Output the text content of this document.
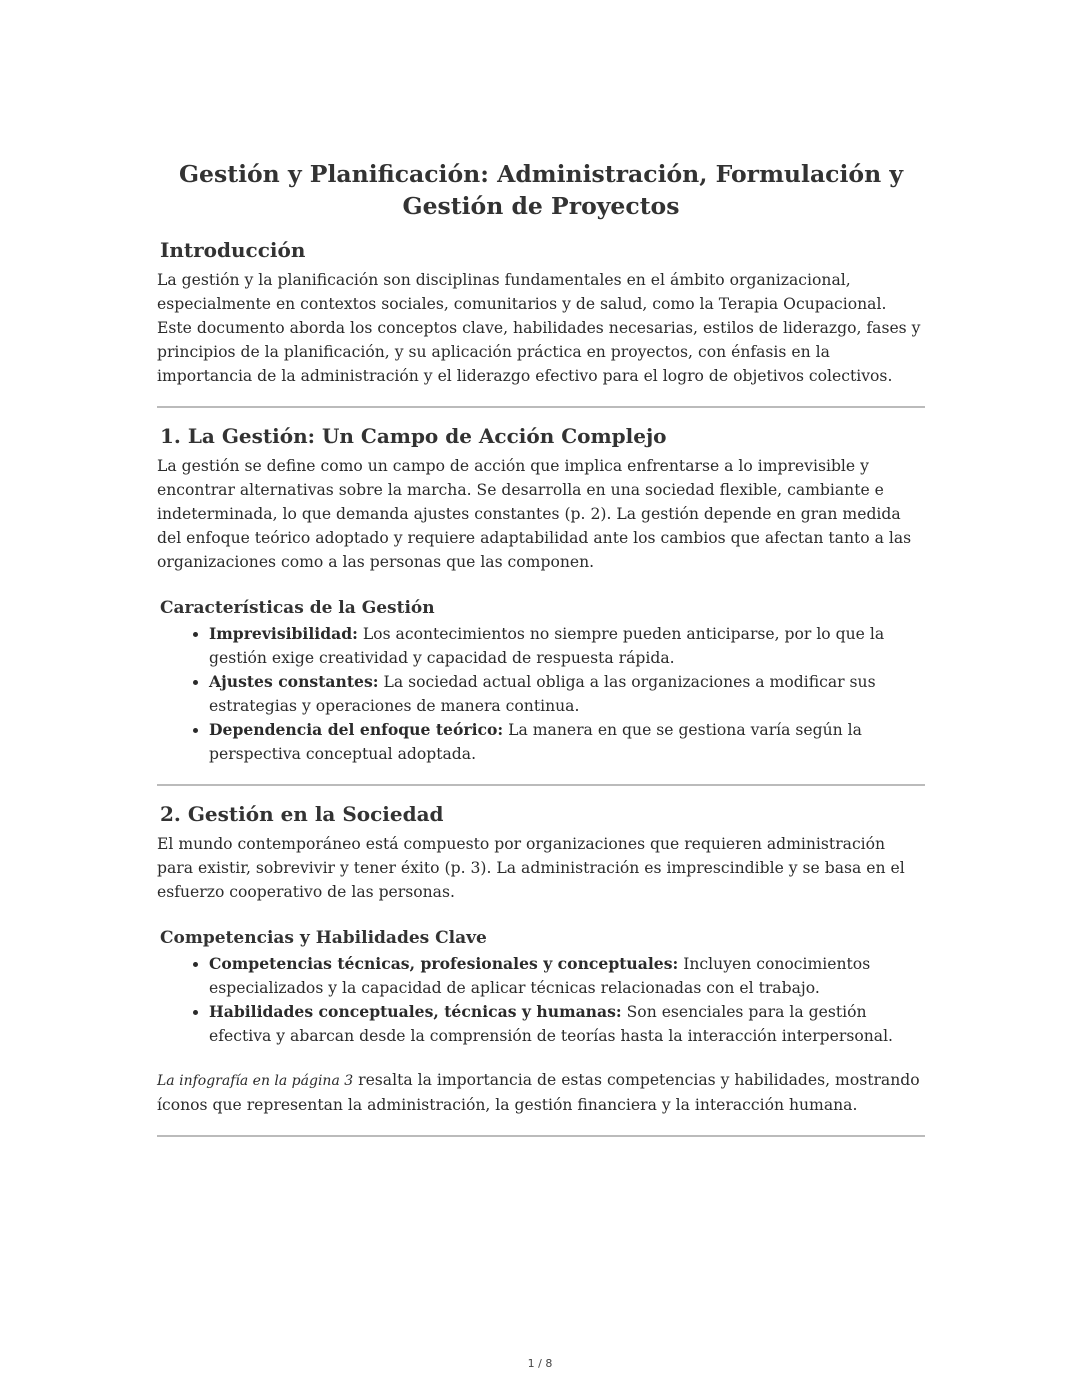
Gestión y Planificación: Administración, Formulación y Gestión de Proyectos
Introducción

La gestión y la planificación son disciplinas fundamentales en el ámbito organizacional, especialmente en contextos sociales, comunitarios y de salud, como la Terapia Ocupacional. Este documento aborda los conceptos clave, habilidades necesarias, estilos de liderazgo, fases y principios de la planificación, y su aplicación práctica en proyectos, con énfasis en la importancia de la administración y el liderazgo efectivo para el logro de objetivos colectivos.

1. La Gestión: Un Campo de Acción Complejo

La gestión se define como un campo de acción que implica enfrentarse a lo imprevisible y encontrar alternativas sobre la marcha. Se desarrolla en una sociedad flexible, cambiante e indeterminada, lo que demanda ajustes constantes (p. 2). La gestión depende en gran medida del enfoque teórico adoptado y requiere adaptabilidad ante los cambios que afectan tanto a las organizaciones como a las personas que las componen.

Características de la Gestión
• Imprevisibilidad: Los acontecimientos no siempre pueden anticiparse, por lo que la gestión exige creatividad y capacidad de respuesta rápida.
• Ajustes constantes: La sociedad actual obliga a las organizaciones a modificar sus estrategias y operaciones de manera continua.
• Dependencia del enfoque teórico: La manera en que se gestiona varía según la perspectiva conceptual adoptada.
2. Gestión en la Sociedad

El mundo contemporáneo está compuesto por organizaciones que requieren administración para existir, sobrevivir y tener éxito (p. 3). La administración es imprescindible y se basa en el esfuerzo cooperativo de las personas.

Competencias y Habilidades Clave
• Competencias técnicas, profesionales y conceptuales: Incluyen conocimientos especializados y la capacidad de aplicar técnicas relacionadas con el trabajo.
• Habilidades conceptuales, técnicas y humanas: Son esenciales para la gestión efectiva y abarcan desde la comprensión de teorías hasta la interacción interpersonal.

La infografía en la página 3 resalta la importancia de estas competencias y habilidades, mostrando íconos que representan la administración, la gestión financiera y la interacción humana.

1 / 8
